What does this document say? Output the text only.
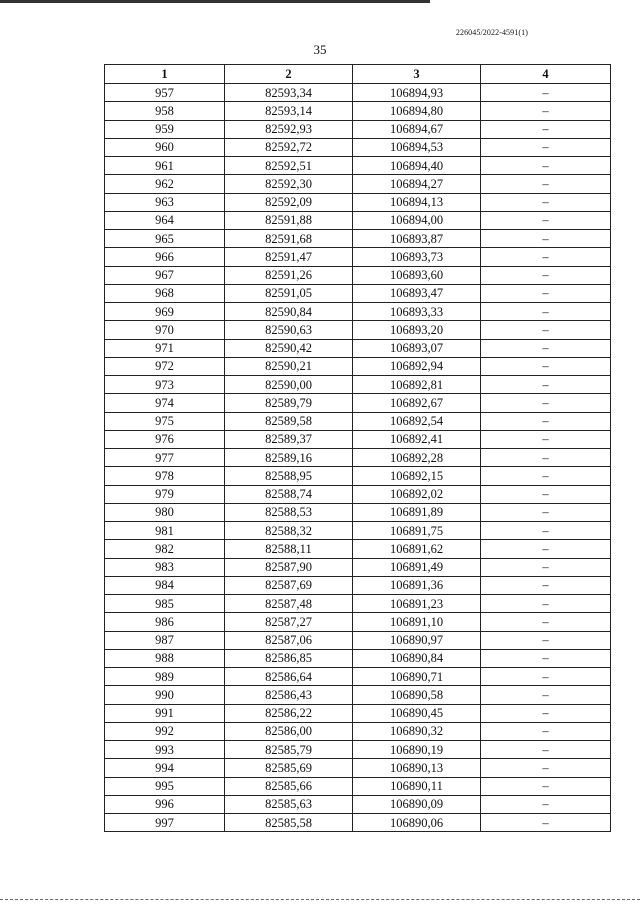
226045/2022-4591(1)
35
1	2	3	4
957	82593,34	106894,93	–
958	82593,14	106894,80	–
959	82592,93	106894,67	–
960	82592,72	106894,53	–
961	82592,51	106894,40	–
962	82592,30	106894,27	–
963	82592,09	106894,13	–
964	82591,88	106894,00	–
965	82591,68	106893,87	–
966	82591,47	106893,73	–
967	82591,26	106893,60	–
968	82591,05	106893,47	–
969	82590,84	106893,33	–
970	82590,63	106893,20	–
971	82590,42	106893,07	–
972	82590,21	106892,94	–
973	82590,00	106892,81	–
974	82589,79	106892,67	–
975	82589,58	106892,54	–
976	82589,37	106892,41	–
977	82589,16	106892,28	–
978	82588,95	106892,15	–
979	82588,74	106892,02	–
980	82588,53	106891,89	–
981	82588,32	106891,75	–
982	82588,11	106891,62	–
983	82587,90	106891,49	–
984	82587,69	106891,36	–
985	82587,48	106891,23	–
986	82587,27	106891,10	–
987	82587,06	106890,97	–
988	82586,85	106890,84	–
989	82586,64	106890,71	–
990	82586,43	106890,58	–
991	82586,22	106890,45	–
992	82586,00	106890,32	–
993	82585,79	106890,19	–
994	82585,69	106890,13	–
995	82585,66	106890,11	–
996	82585,63	106890,09	–
997	82585,58	106890,06	–
